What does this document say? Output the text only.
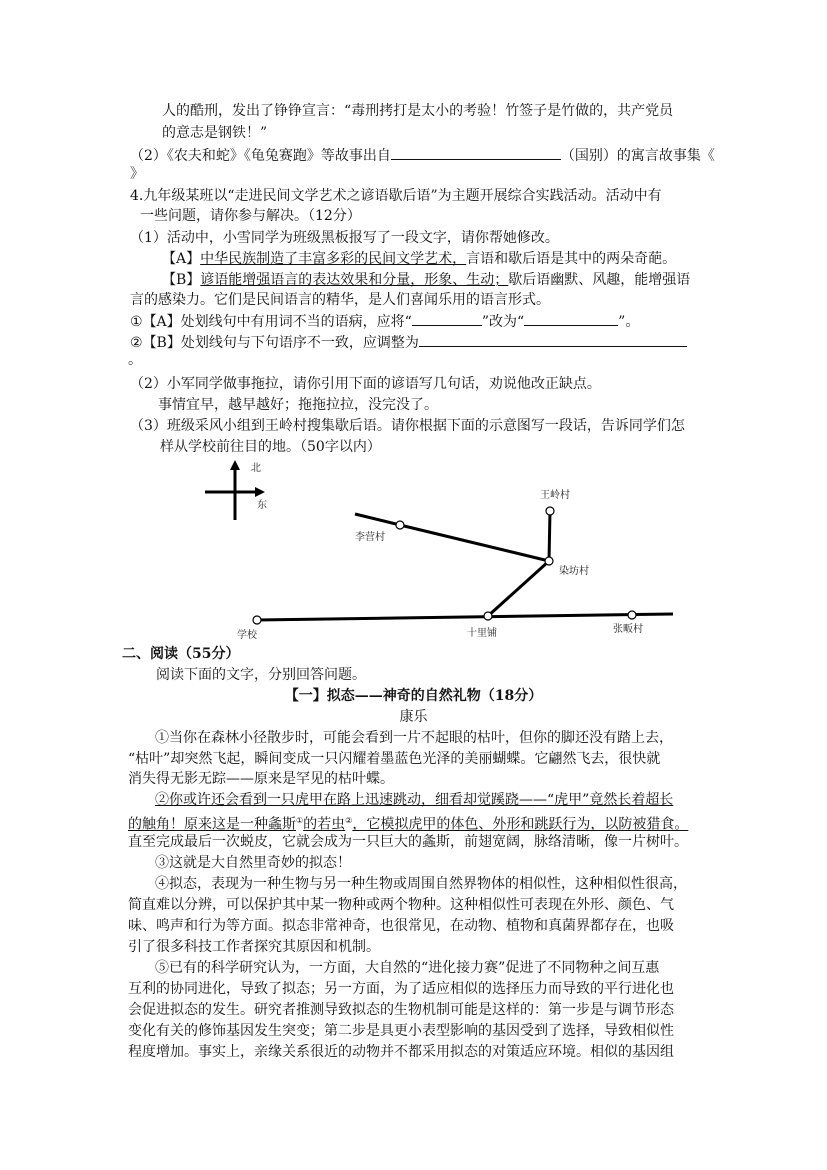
人的酷刑，发出了铮铮宣言：“毒刑拷打是太小的考验！竹签子是竹做的，共产党员
的意志是钢铁！”
（2）《农夫和蛇》《龟兔赛跑》等故事出自	（国别）的寓言故事集《
》
4.九年级某班以“走进民间文学艺术之谚语歇后语”为主题开展综合实践活动。活动中有
一些问题，请你参与解决。（12分）
（1）活动中，小雪同学为班级黑板报写了一段文字，请你帮她修改。
【A】中华民族制造了丰富多彩的民间文学艺术，言语和歇后语是其中的两朵奇葩。
【B】谚语能增强语言的表达效果和分量，形象、生动；歇后语幽默、风趣，能增强语
言的感染力。它们是民间语言的精华，是人们喜闻乐用的语言形式。
①【A】处划线句中有用词不当的语病，应将“	”改为“	”。
②【B】处划线句与下句语序不一致，应调整为
。
（2）小军同学做事拖拉，请你引用下面的谚语写几句话，劝说他改正缺点。
事情宜早，越早越好；拖拖拉拉，没完没了。
（3）班级采风小组到王岭村搜集歇后语。请你根据下面的示意图写一段话，告诉同学们怎
样从学校前往目的地。（50字以内）
北
东
王岭村
李营村
染坊村
学校	十里铺	张畈村
二、阅读（55分）
阅读下面的文字，分别回答问题。
【一】拟态——神奇的自然礼物（18分）
康乐
①当你在森林小径散步时，可能会看到一片不起眼的枯叶，但你的脚还没有踏上去，
“枯叶”却突然飞起，瞬间变成一只闪耀着墨蓝色光泽的美丽蝴蝶。它翩然飞去，很快就
消失得无影无踪——原来是罕见的枯叶蝶。
②你或许还会看到一只虎甲在路上迅速跳动，细看却觉蹊跷——“虎甲”竟然长着超长
的触角！原来这是一种螽斯①的若虫②，它模拟虎甲的体色、外形和跳跃行为，以防被猎食。
直至完成最后一次蜕皮，它就会成为一只巨大的螽斯，前翅宽阔，脉络清晰，像一片树叶。
③这就是大自然里奇妙的拟态！
④拟态，表现为一种生物与另一种生物或周围自然界物体的相似性，这种相似性很高，
简直难以分辨，可以保护其中某一物种或两个物种。这种相似性可表现在外形、颜色、气
味、鸣声和行为等方面。拟态非常神奇，也很常见，在动物、植物和真菌界都存在，也吸
引了很多科技工作者探究其原因和机制。
⑤已有的科学研究认为，一方面，大自然的“进化接力赛”促进了不同物种之间互惠
互利的协同进化，导致了拟态；另一方面，为了适应相似的选择压力而导致的平行进化也
会促进拟态的发生。研究者推测导致拟态的生物机制可能是这样的：第一步是与调节形态
变化有关的修饰基因发生突变；第二步是具更小表型影响的基因受到了选择，导致相似性
程度增加。事实上，亲缘关系很近的动物并不都采用拟态的对策适应环境。相似的基因组
